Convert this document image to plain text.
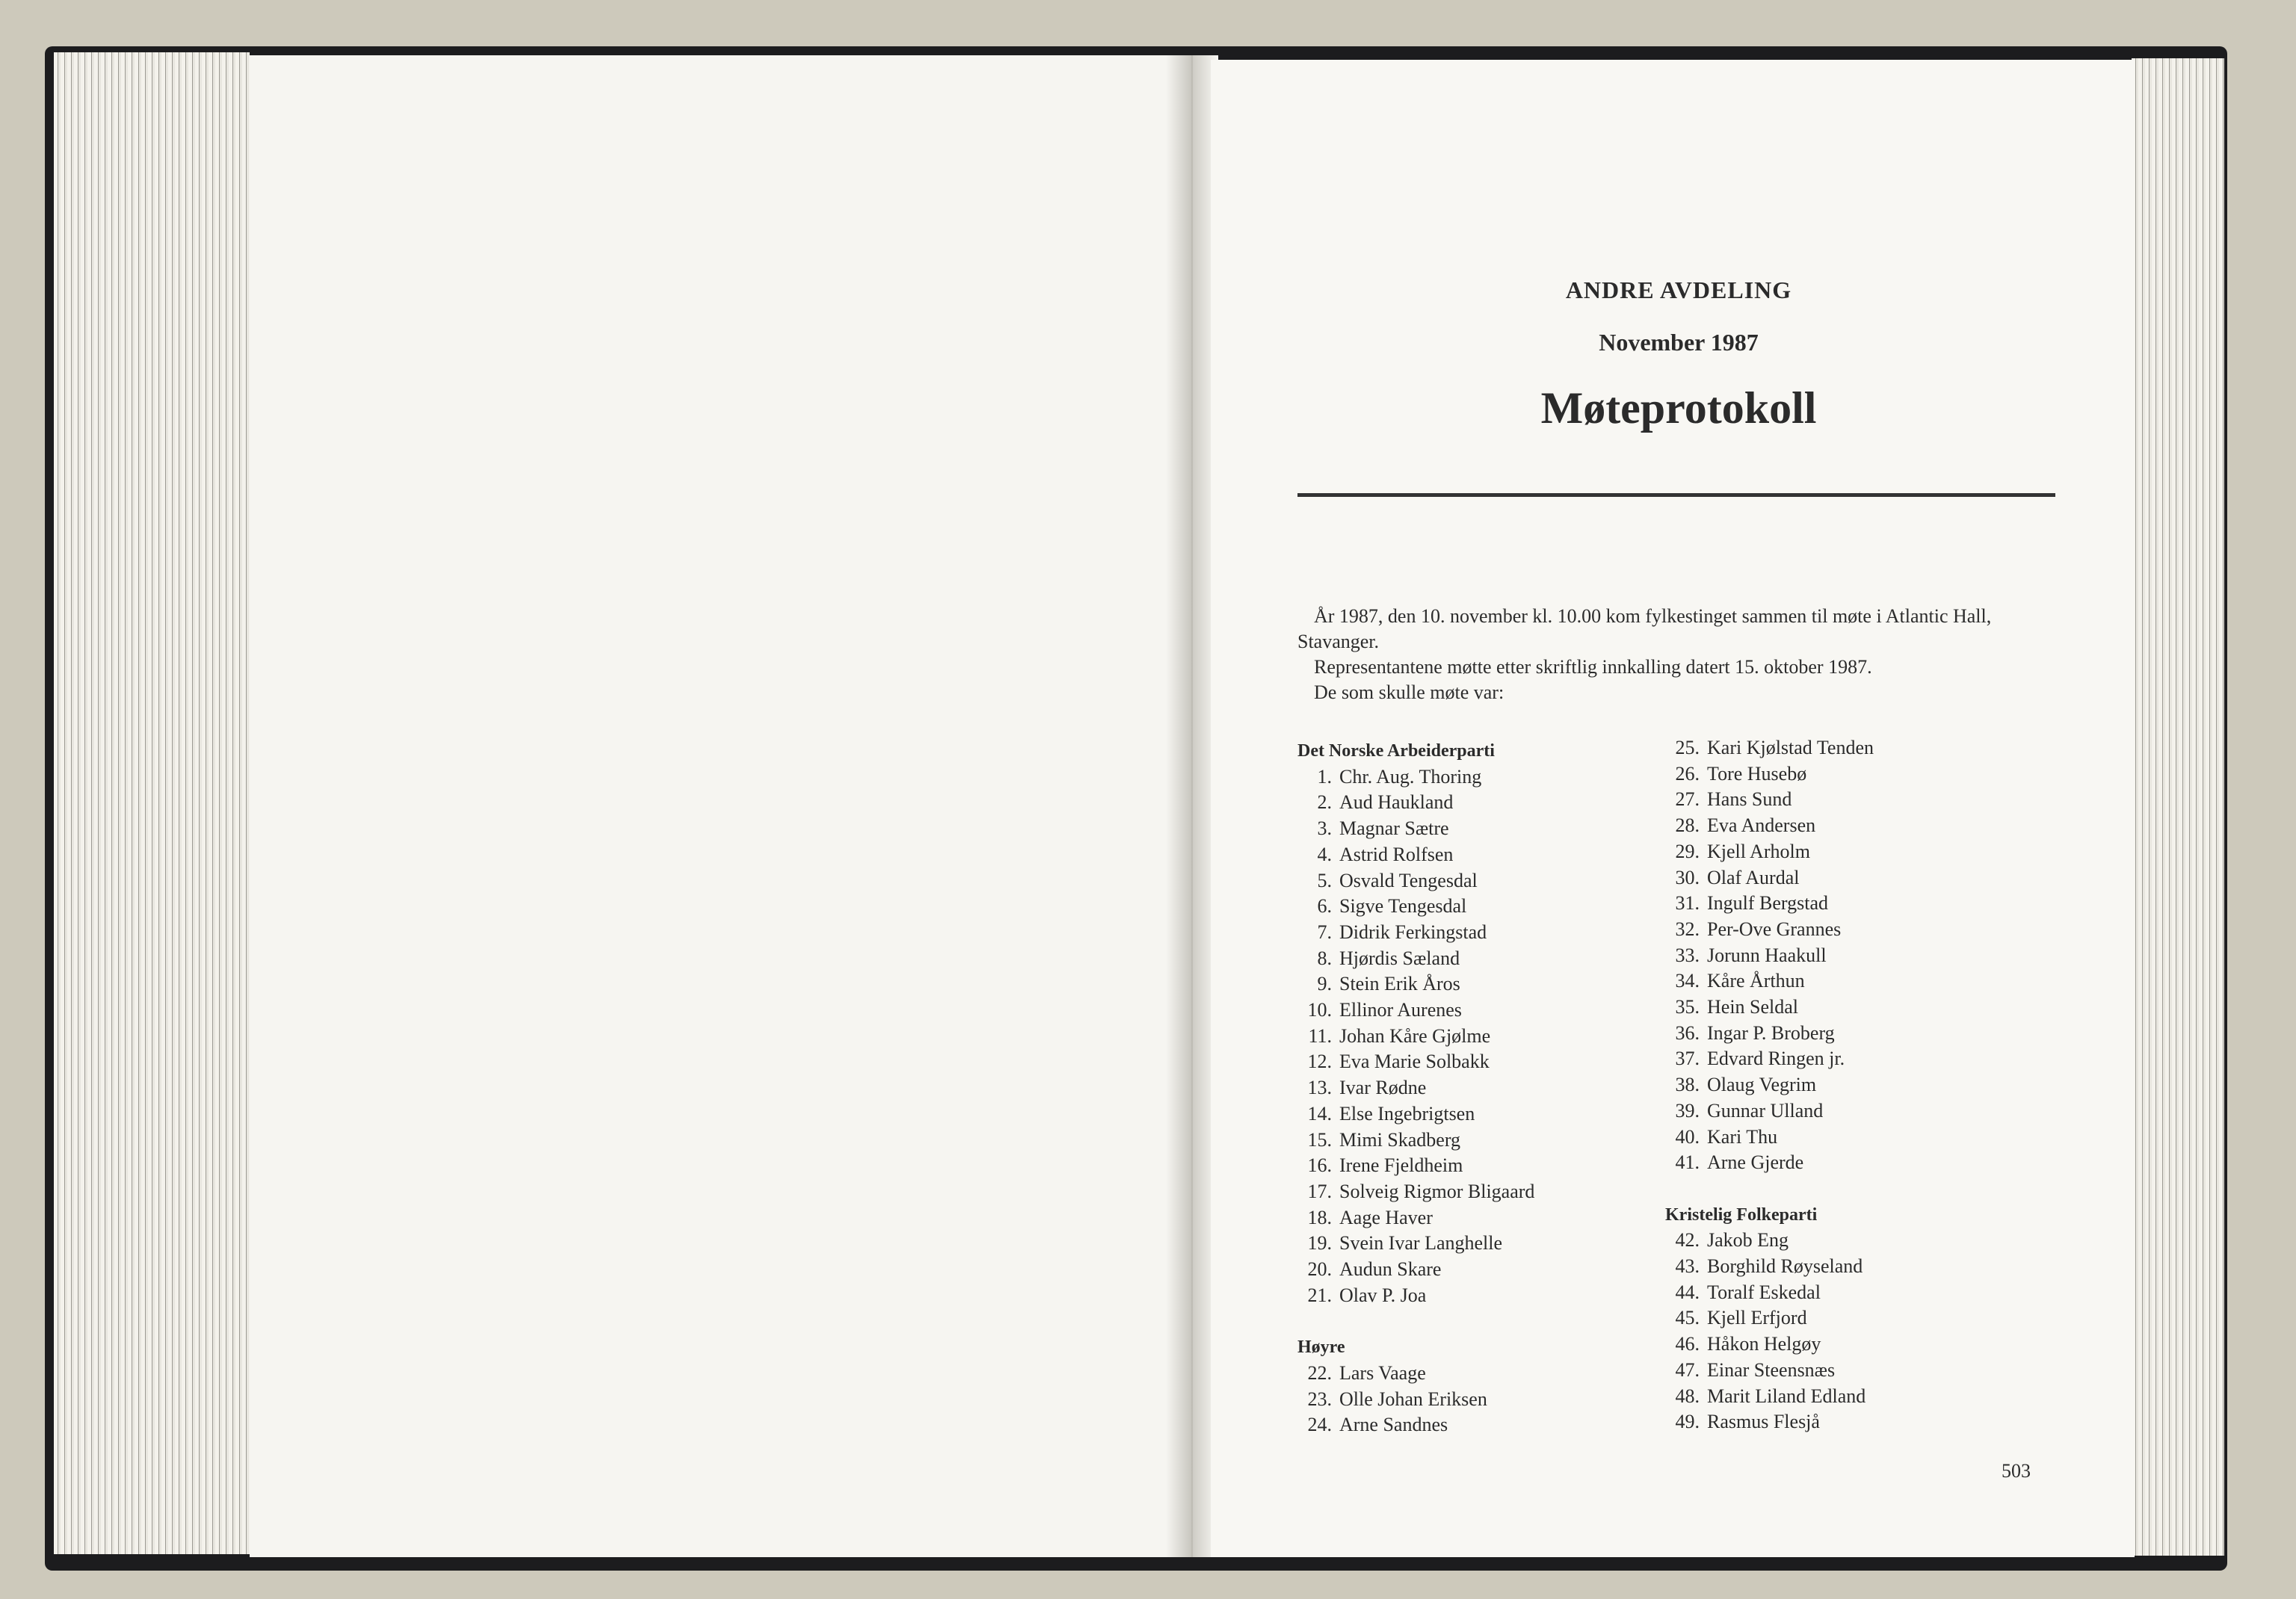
ANDRE AVDELING
November 1987
Møteprotokoll

År 1987, den 10. november kl. 10.00 kom fylkestinget sammen til møte i Atlantic Hall, Stavanger.

Representantene møtte etter skriftlig innkalling datert 15. oktober 1987.

De som skulle møte var:

Det Norske Arbeiderparti
1. Chr. Aug. Thoring
2. Aud Haukland
3. Magnar Sætre
4. Astrid Rolfsen
5. Osvald Tengesdal
6. Sigve Tengesdal
7. Didrik Ferkingstad
8. Hjørdis Sæland
9. Stein Erik Åros
10. Ellinor Aurenes
11. Johan Kåre Gjølme
12. Eva Marie Solbakk
13. Ivar Rødne
14. Else Ingebrigtsen
15. Mimi Skadberg
16. Irene Fjeldheim
17. Solveig Rigmor Bligaard
18. Aage Haver
19. Svein Ivar Langhelle
20. Audun Skare
21. Olav P. Joa
Høyre
22. Lars Vaage
23. Olle Johan Eriksen
24. Arne Sandnes
25. Kari Kjølstad Tenden
26. Tore Husebø
27. Hans Sund
28. Eva Andersen
29. Kjell Arholm
30. Olaf Aurdal
31. Ingulf Bergstad
32. Per-Ove Grannes
33. Jorunn Haakull
34. Kåre Årthun
35. Hein Seldal
36. Ingar P. Broberg
37. Edvard Ringen jr.
38. Olaug Vegrim
39. Gunnar Ulland
40. Kari Thu
41. Arne Gjerde
Kristelig Folkeparti
42. Jakob Eng
43. Borghild Røyseland
44. Toralf Eskedal
45. Kjell Erfjord
46. Håkon Helgøy
47. Einar Steensnæs
48. Marit Liland Edland
49. Rasmus Flesjå
503
